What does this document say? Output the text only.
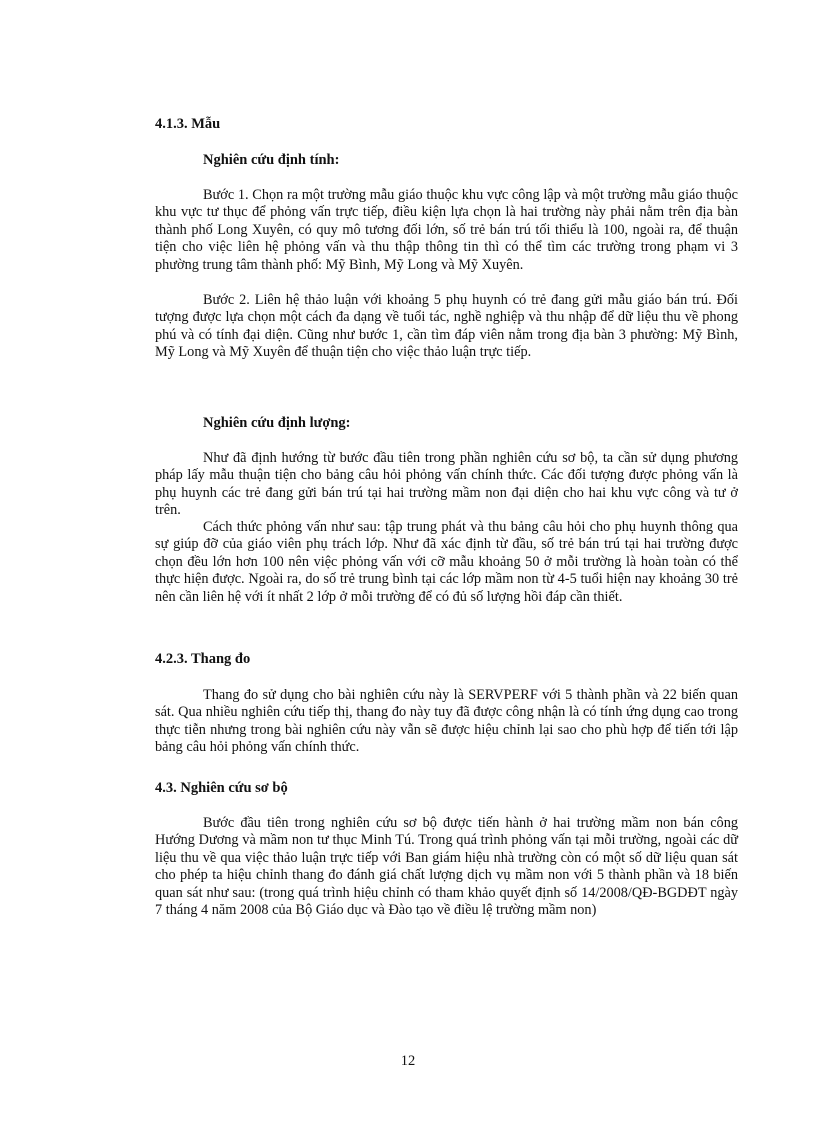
4.1.3. Mẫu
Nghiên cứu định tính:

Bước 1. Chọn ra một trường mẫu giáo thuộc khu vực công lập và một trường mẫu giáo thuộc khu vực tư thục để phỏng vấn trực tiếp, điều kiện lựa chọn là hai trường này phải nằm trên địa bàn thành phố Long Xuyên, có quy mô tương đối lớn, số trẻ bán trú tối thiểu là 100, ngoài ra, để thuận tiện cho việc liên hệ phỏng vấn và thu thập thông tin thì có thể tìm các trường trong phạm vi 3 phường trung tâm thành phố: Mỹ Bình, Mỹ Long và Mỹ Xuyên.

Bước 2. Liên hệ thảo luận với khoảng 5 phụ huynh có trẻ đang gửi mẫu giáo bán trú. Đối tượng được lựa chọn một cách đa dạng về tuổi tác, nghề nghiệp và thu nhập để dữ liệu thu về phong phú và có tính đại diện. Cũng như bước 1, cần tìm đáp viên nằm trong địa bàn 3 phường: Mỹ Bình, Mỹ Long và Mỹ Xuyên để thuận tiện cho việc thảo luận trực tiếp.

Nghiên cứu định lượng:

Như đã định hướng từ bước đầu tiên trong phần nghiên cứu sơ bộ, ta cần sử dụng phương pháp lấy mẫu thuận tiện cho bảng câu hỏi phỏng vấn chính thức. Các đối tượng được phỏng vấn là phụ huynh các trẻ đang gửi bán trú tại hai trường mầm non đại diện cho hai khu vực công và tư ở trên.

Cách thức phỏng vấn như sau: tập trung phát và thu bảng câu hỏi cho phụ huynh thông qua sự giúp đỡ của giáo viên phụ trách lớp. Như đã xác định từ đầu, số trẻ bán trú tại hai trường được chọn đều lớn hơn 100 nên việc phỏng vấn với cỡ mẫu khoảng 50 ở mỗi trường là hoàn toàn có thể thực hiện được. Ngoài ra, do số trẻ trung bình tại các lớp mầm non từ 4-5 tuổi hiện nay khoảng 30 trẻ nên cần liên hệ với ít nhất 2 lớp ở mỗi trường để có đủ số lượng hồi đáp cần thiết.

4.2.3. Thang đo

Thang đo sử dụng cho bài nghiên cứu này là SERVPERF với 5 thành phần và 22 biến quan sát. Qua nhiều nghiên cứu tiếp thị, thang đo này tuy đã được công nhận là có tính ứng dụng cao trong thực tiễn nhưng trong bài nghiên cứu này vẫn sẽ được hiệu chỉnh lại sao cho phù hợp để tiến tới lập bảng câu hỏi phỏng vấn chính thức.

4.3. Nghiên cứu sơ bộ

Bước đầu tiên trong nghiên cứu sơ bộ được tiến hành ở hai trường mầm non bán công Hướng Dương và mầm non tư thục Minh Tú. Trong quá trình phỏng vấn tại mỗi trường, ngoài các dữ liệu thu về qua việc thảo luận trực tiếp với Ban giám hiệu nhà trường còn có một số dữ liệu quan sát cho phép ta hiệu chỉnh thang đo đánh giá chất lượng dịch vụ mầm non với 5 thành phần và 18 biến quan sát như sau: (trong quá trình hiệu chỉnh có tham khảo quyết định số 14/2008/QĐ-BGDĐT ngày 7 tháng 4 năm 2008 của Bộ Giáo dục và Đào tạo về điều lệ trường mầm non)

12
